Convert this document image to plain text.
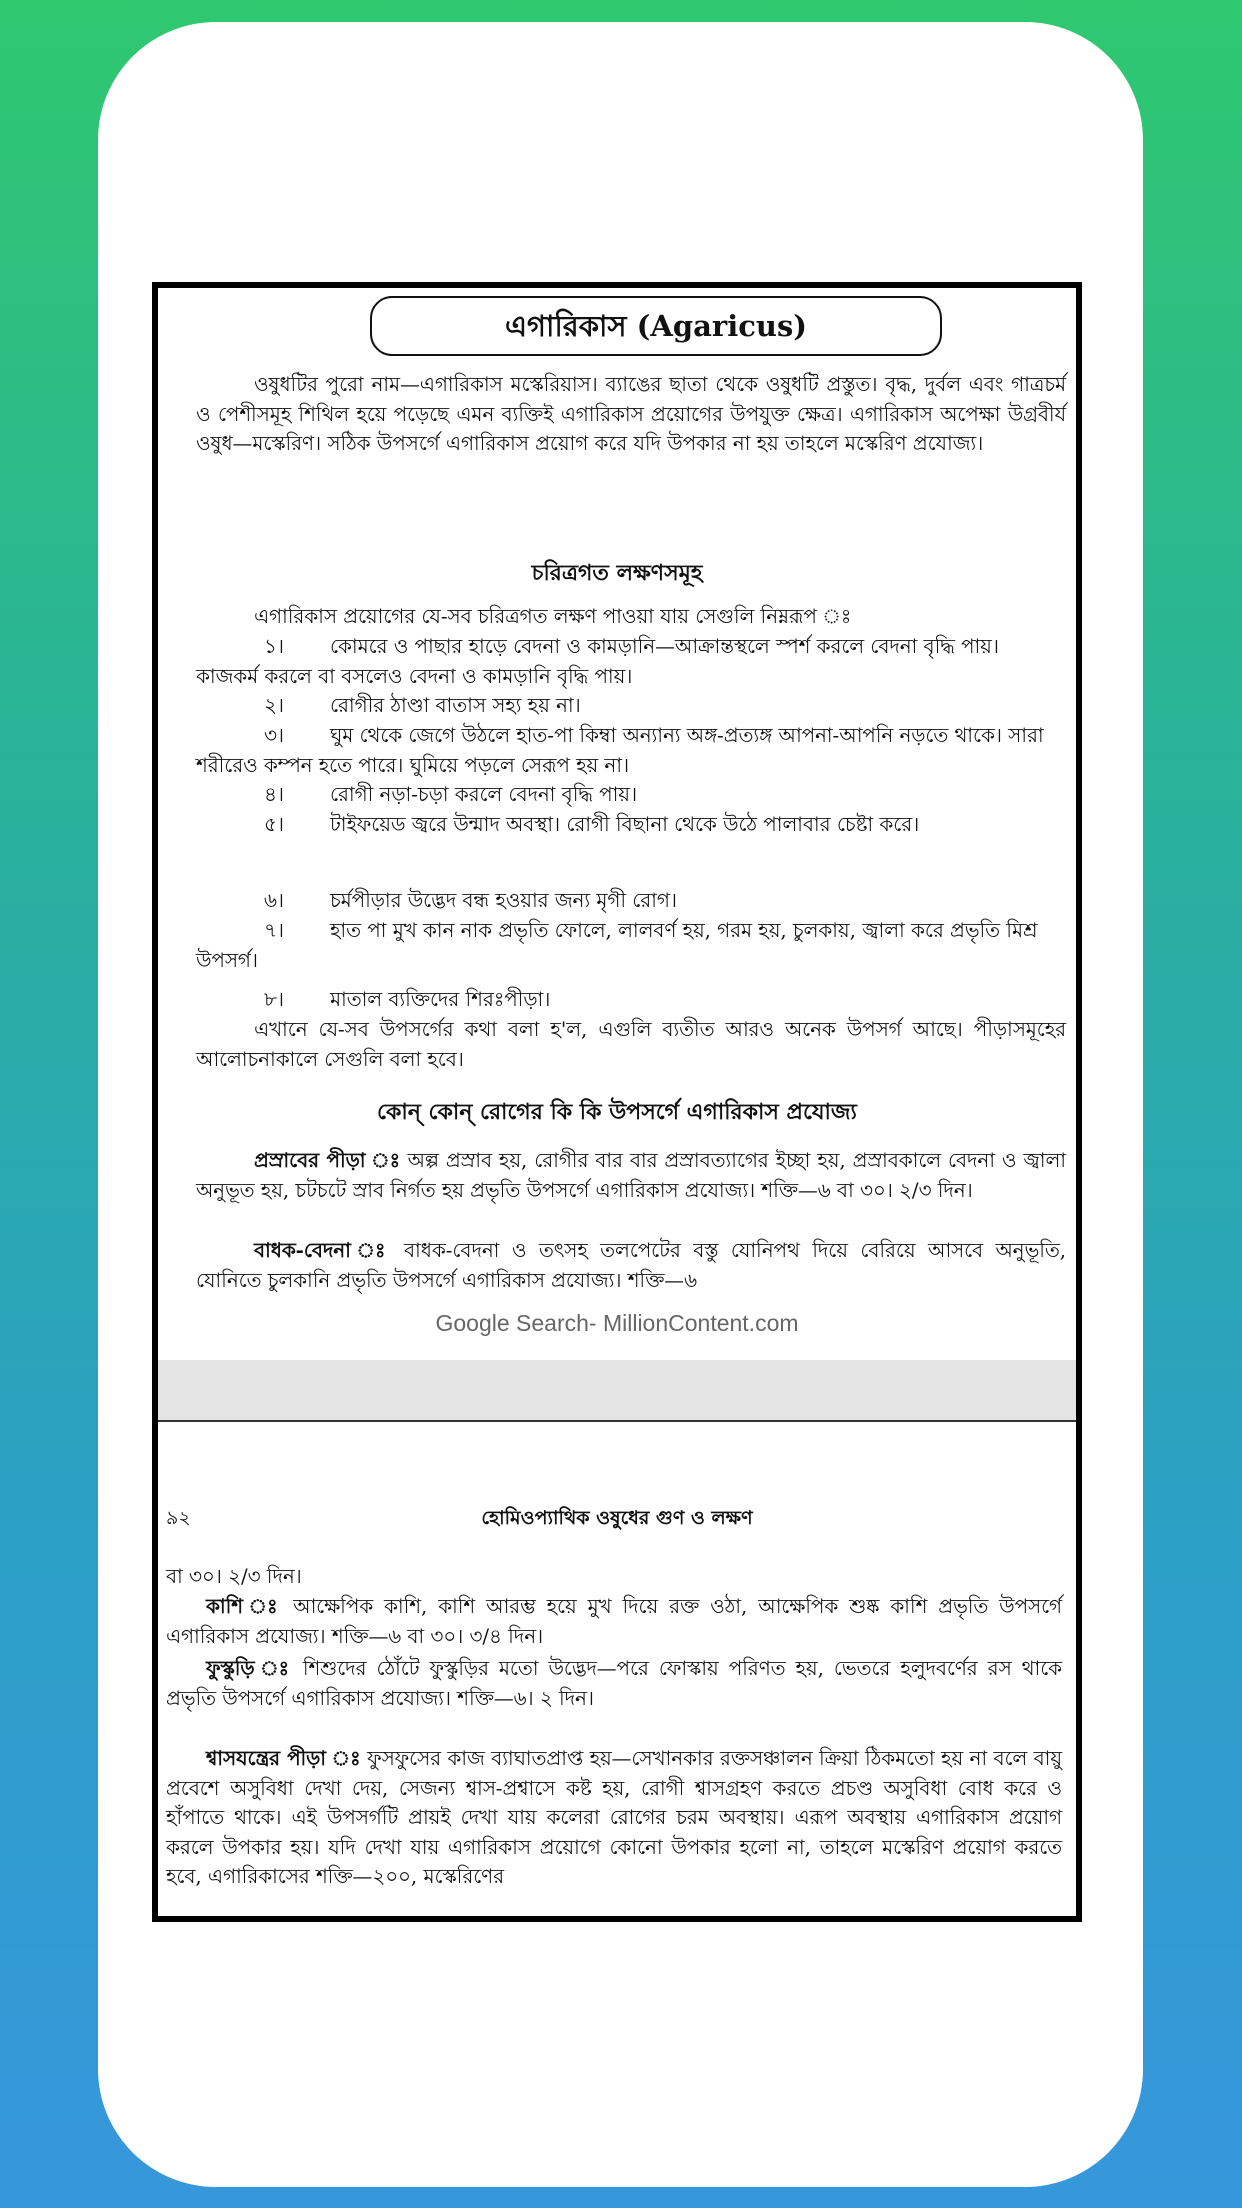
এগারিকাস (Agaricus)

ওষুধটির পুরো নাম—এগারিকাস মস্কেরিয়াস। ব্যাঙের ছাতা থেকে ওষুধটি প্রস্তুত। বৃদ্ধ, দুর্বল এবং গাত্রচর্ম ও পেশীসমূহ শিথিল হয়ে পড়েছে এমন ব্যক্তিই এগারিকাস প্রয়োগের উপযুক্ত ক্ষেত্র। এগারিকাস অপেক্ষা উগ্রবীর্য ওষুধ—মস্কেরিণ। সঠিক উপসর্গে এগারিকাস প্রয়োগ করে যদি উপকার না হয় তাহলে মস্কেরিণ প্রযোজ্য।

চরিত্রগত লক্ষণসমূহ

এগারিকাস প্রয়োগের যে-সব চরিত্রগত লক্ষণ পাওয়া যায় সেগুলি নিম্নরূপ ঃ

১। কোমরে ও পাছার হাড়ে বেদনা ও কামড়ানি—আক্রান্তস্থলে স্পর্শ করলে বেদনা বৃদ্ধি পায়। কাজকর্ম করলে বা বসলেও বেদনা ও কামড়ানি বৃদ্ধি পায়।
২। রোগীর ঠাণ্ডা বাতাস সহ্য হয় না।
৩। ঘুম থেকে জেগে উঠলে হাত-পা কিম্বা অন্যান্য অঙ্গ-প্রত্যঙ্গ আপনা-আপনি নড়তে থাকে। সারা শরীরেও কম্পন হতে পারে। ঘুমিয়ে পড়লে সেরূপ হয় না।
৪। রোগী নড়া-চড়া করলে বেদনা বৃদ্ধি পায়।
৫। টাইফয়েড জ্বরে উন্মাদ অবস্থা। রোগী বিছানা থেকে উঠে পালাবার চেষ্টা করে।
৬। চর্মপীড়ার উদ্ভেদ বন্ধ হওয়ার জন্য মৃগী রোগ।
৭। হাত পা মুখ কান নাক প্রভৃতি ফোলে, লালবর্ণ হয়, গরম হয়, চুলকায়, জ্বালা করে প্রভৃতি মিশ্র উপসর্গ।
৮। মাতাল ব্যক্তিদের শিরঃপীড়া।

এখানে যে-সব উপসর্গের কথা বলা হ'ল, এগুলি ব্যতীত আরও অনেক উপসর্গ আছে। পীড়াসমূহের আলোচনাকালে সেগুলি বলা হবে।

কোন্ কোন্ রোগের কি কি উপসর্গে এগারিকাস প্রযোজ্য

প্রস্রাবের পীড়া ঃ অল্প প্রস্রাব হয়, রোগীর বার বার প্রস্রাবত্যাগের ইচ্ছা হয়, প্রস্রাবকালে বেদনা ও জ্বালা অনুভূত হয়, চটচটে স্রাব নির্গত হয় প্রভৃতি উপসর্গে এগারিকাস প্রযোজ্য। শক্তি—৬ বা ৩০। ২/৩ দিন।

বাধক-বেদনা ঃ বাধক-বেদনা ও তৎসহ তলপেটের বস্তু যোনিপথ দিয়ে বেরিয়ে আসবে অনুভূতি, যোনিতে চুলকানি প্রভৃতি উপসর্গে এগারিকাস প্রযোজ্য। শক্তি—৬

Google Search- MillionContent.com
৯২	হোমিওপ্যাথিক ওষুধের গুণ ও লক্ষণ

বা ৩০। ২/৩ দিন।

কাশি ঃ আক্ষেপিক কাশি, কাশি আরম্ভ হয়ে মুখ দিয়ে রক্ত ওঠা, আক্ষেপিক শুষ্ক কাশি প্রভৃতি উপসর্গে এগারিকাস প্রযোজ্য। শক্তি—৬ বা ৩০। ৩/৪ দিন।

ফুস্কুড়ি ঃ শিশুদের ঠোঁটে ফুস্কুড়ির মতো উদ্ভেদ—পরে ফোস্কায় পরিণত হয়, ভেতরে হলুদবর্ণের রস থাকে প্রভৃতি উপসর্গে এগারিকাস প্রযোজ্য। শক্তি—৬। ২ দিন।

শ্বাসযন্ত্রের পীড়া ঃ ফুসফুসের কাজ ব্যাঘাতপ্রাপ্ত হয়—সেখানকার রক্তসঞ্চালন ক্রিয়া ঠিকমতো হয় না বলে বায়ু প্রবেশে অসুবিধা দেখা দেয়, সেজন্য শ্বাস-প্রশ্বাসে কষ্ট হয়, রোগী শ্বাসগ্রহণ করতে প্রচণ্ড অসুবিধা বোধ করে ও হাঁপাতে থাকে। এই উপসর্গটি প্রায়ই দেখা যায় কলেরা রোগের চরম অবস্থায়। এরূপ অবস্থায় এগারিকাস প্রয়োগ করলে উপকার হয়। যদি দেখা যায় এগারিকাস প্রয়োগে কোনো উপকার হলো না, তাহলে মস্কেরিণ প্রয়োগ করতে হবে, এগারিকাসের শক্তি—২০০, মস্কেরিণের
